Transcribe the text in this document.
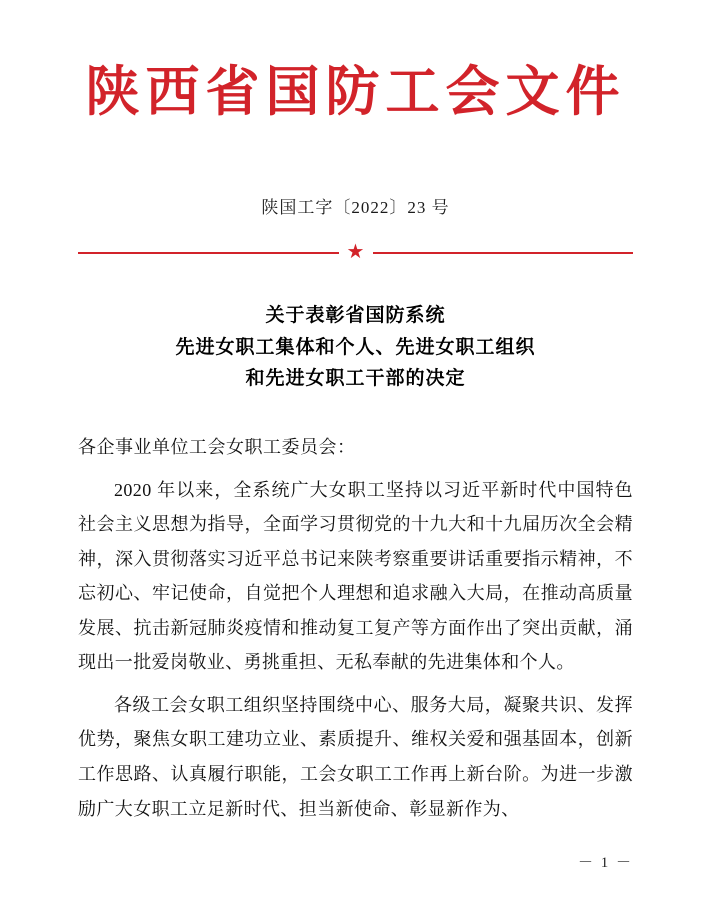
陕西省国防工会文件
陕国工字〔2022〕23 号
★
关于表彰省国防系统
先进女职工集体和个人、先进女职工组织
和先进女职工干部的决定
各企事业单位工会女职工委员会：
2020 年以来，全系统广大女职工坚持以习近平新时代中国特色社会主义思想为指导，全面学习贯彻党的十九大和十九届历次全会精神，深入贯彻落实习近平总书记来陕考察重要讲话重要指示精神，不忘初心、牢记使命，自觉把个人理想和追求融入大局，在推动高质量发展、抗击新冠肺炎疫情和推动复工复产等方面作出了突出贡献，涌现出一批爱岗敬业、勇挑重担、无私奉献的先进集体和个人。
各级工会女职工组织坚持围绕中心、服务大局，凝聚共识、发挥优势，聚焦女职工建功立业、素质提升、维权关爱和强基固本，创新工作思路、认真履行职能，工会女职工工作再上新台阶。为进一步激励广大女职工立足新时代、担当新使命、彰显新作为、
－ 1 －
